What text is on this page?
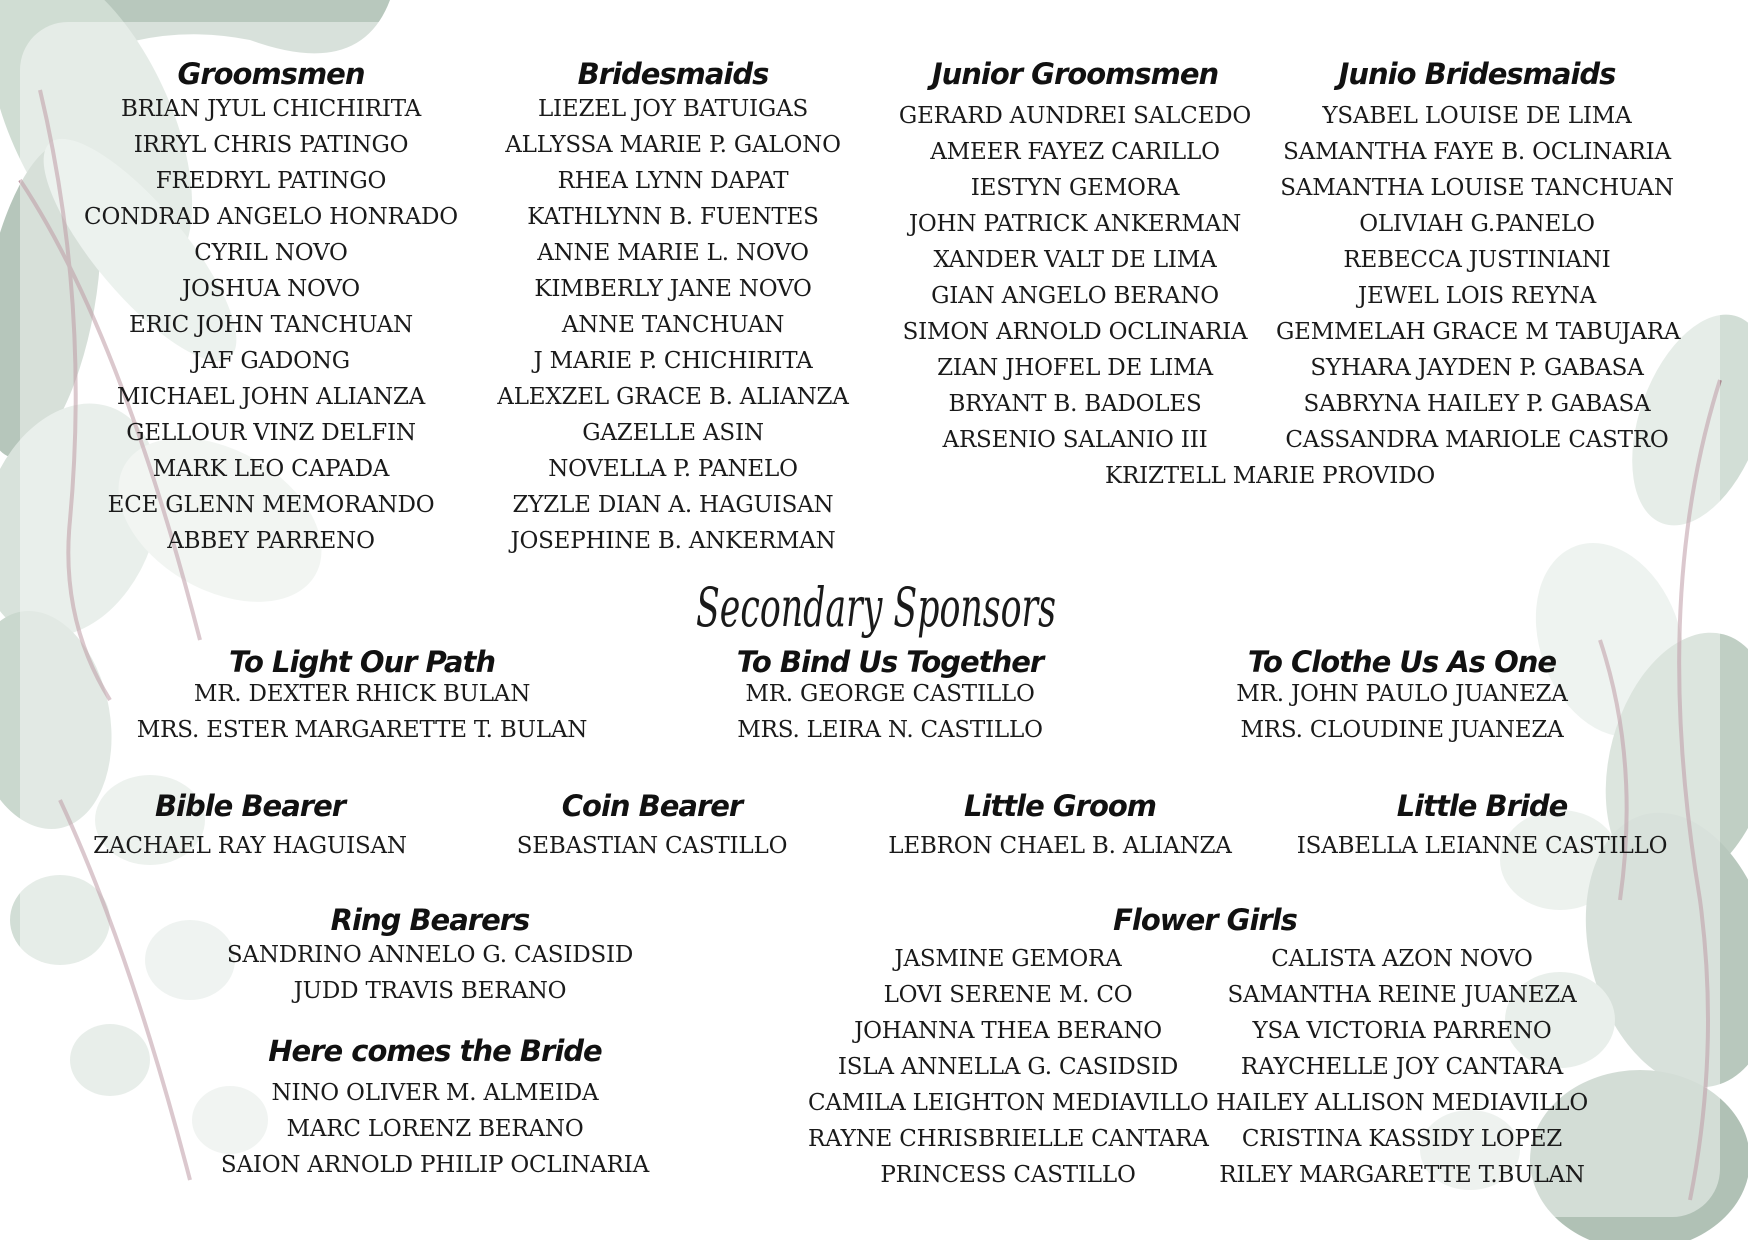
Groomsmen
BRIAN JYUL CHICHIRITA
IRRYL CHRIS PATINGO
FREDRYL PATINGO
CONDRAD ANGELO HONRADO
CYRIL NOVO
JOSHUA NOVO
ERIC JOHN TANCHUAN
JAF GADONG
MICHAEL JOHN ALIANZA
GELLOUR VINZ DELFIN
MARK LEO CAPADA
ECE GLENN MEMORANDO
ABBEY PARRENO
Bridesmaids
LIEZEL JOY BATUIGAS
ALLYSSA MARIE P. GALONO
RHEA LYNN DAPAT
KATHLYNN B. FUENTES
ANNE MARIE L. NOVO
KIMBERLY JANE NOVO
ANNE TANCHUAN
J MARIE P. CHICHIRITA
ALEXZEL GRACE B. ALIANZA
GAZELLE ASIN
NOVELLA P. PANELO
ZYZLE DIAN A. HAGUISAN
JOSEPHINE B. ANKERMAN
Junior Groomsmen
GERARD AUNDREI SALCEDO
AMEER FAYEZ CARILLO
IESTYN GEMORA
JOHN PATRICK ANKERMAN
XANDER VALT DE LIMA
GIAN ANGELO BERANO
SIMON ARNOLD OCLINARIA
ZIAN JHOFEL DE LIMA
BRYANT B. BADOLES
ARSENIO SALANIO III
Junio Bridesmaids
YSABEL LOUISE DE LIMA
SAMANTHA FAYE B. OCLINARIA
SAMANTHA LOUISE TANCHUAN
OLIVIAH G.PANELO
REBECCA JUSTINIANI
JEWEL LOIS REYNA
GEMMELAH GRACE M TABUJARA
SYHARA JAYDEN P. GABASA
SABRYNA HAILEY P. GABASA
CASSANDRA MARIOLE CASTRO
KRIZTELL MARIE PROVIDO
Secondary Sponsors
To Light Our Path
MR. DEXTER RHICK BULAN
MRS. ESTER MARGARETTE T. BULAN
To Bind Us Together
MR. GEORGE CASTILLO
MRS. LEIRA N. CASTILLO
To Clothe Us As One
MR. JOHN PAULO JUANEZA
MRS. CLOUDINE JUANEZA
Bible Bearer
ZACHAEL RAY HAGUISAN
Coin Bearer
SEBASTIAN CASTILLO
Little Groom
LEBRON CHAEL B. ALIANZA
Little Bride
ISABELLA LEIANNE CASTILLO
Ring Bearers
SANDRINO ANNELO G. CASIDSID
JUDD TRAVIS BERANO
Here comes the Bride
NINO OLIVER M. ALMEIDA
MARC LORENZ BERANO
SAION ARNOLD PHILIP OCLINARIA
Flower Girls
JASMINE GEMORA
LOVI SERENE M. CO
JOHANNA THEA BERANO
ISLA ANNELLA G. CASIDSID
CAMILA LEIGHTON MEDIAVILLO
RAYNE CHRISBRIELLE CANTARA
PRINCESS CASTILLO
CALISTA AZON NOVO
SAMANTHA REINE JUANEZA
YSA VICTORIA PARRENO
RAYCHELLE JOY CANTARA
HAILEY ALLISON MEDIAVILLO
CRISTINA KASSIDY LOPEZ
RILEY MARGARETTE T.BULAN
